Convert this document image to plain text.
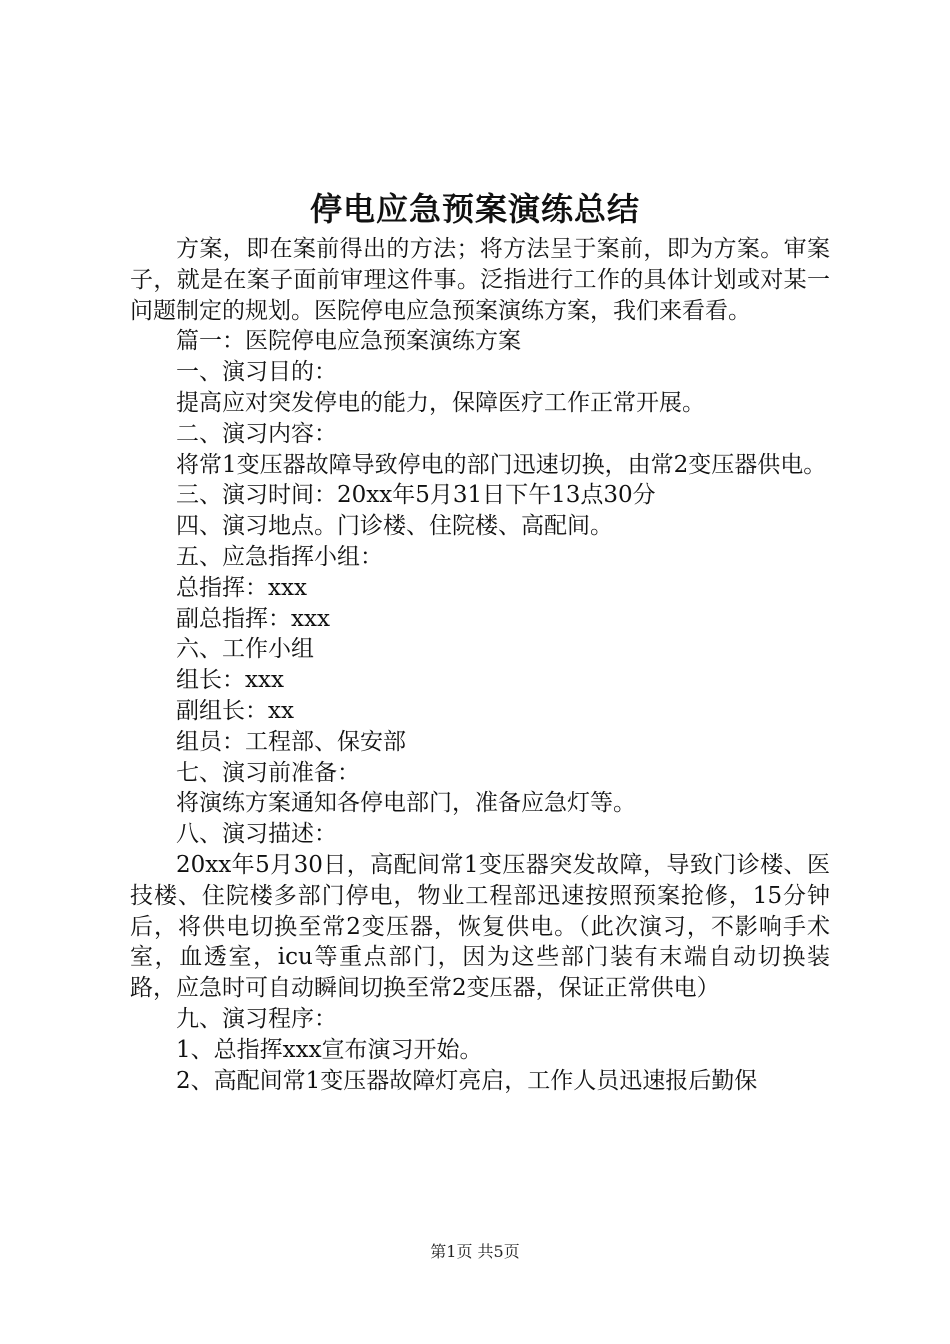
停电应急预案演练总结

方案，即在案前得出的方法；将方法呈于案前，即为方案。审案子，就是在案子面前审理这件事。泛指进行工作的具体计划或对某一问题制定的规划。医院停电应急预案演练方案，我们来看看。

篇一：医院停电应急预案演练方案

一、演习目的：

提高应对突发停电的能力，保障医疗工作正常开展。

二、演习内容：

将常1变压器故障导致停电的部门迅速切换，由常2变压器供电。

三、演习时间：20xx年5月31日下午13点30分

四、演习地点。门诊楼、住院楼、高配间。

五、应急指挥小组：

总指挥：xxx

副总指挥：xxx

六、工作小组

组长：xxx

副组长：xx

组员：工程部、保安部

七、演习前准备：

将演练方案通知各停电部门，准备应急灯等。

八、演习描述：

20xx年5月30日，高配间常1变压器突发故障，导致门诊楼、医技楼、住院楼多部门停电，物业工程部迅速按照预案抢修，15分钟后，将供电切换至常2变压器，恢复供电。（此次演习，不影响手术室，血透室，icu等重点部门，因为这些部门装有末端自动切换装路，应急时可自动瞬间切换至常2变压器，保证正常供电）

九、演习程序：

1、总指挥xxx宣布演习开始。

2、高配间常1变压器故障灯亮启，工作人员迅速报后勤保

第1页 共5页
